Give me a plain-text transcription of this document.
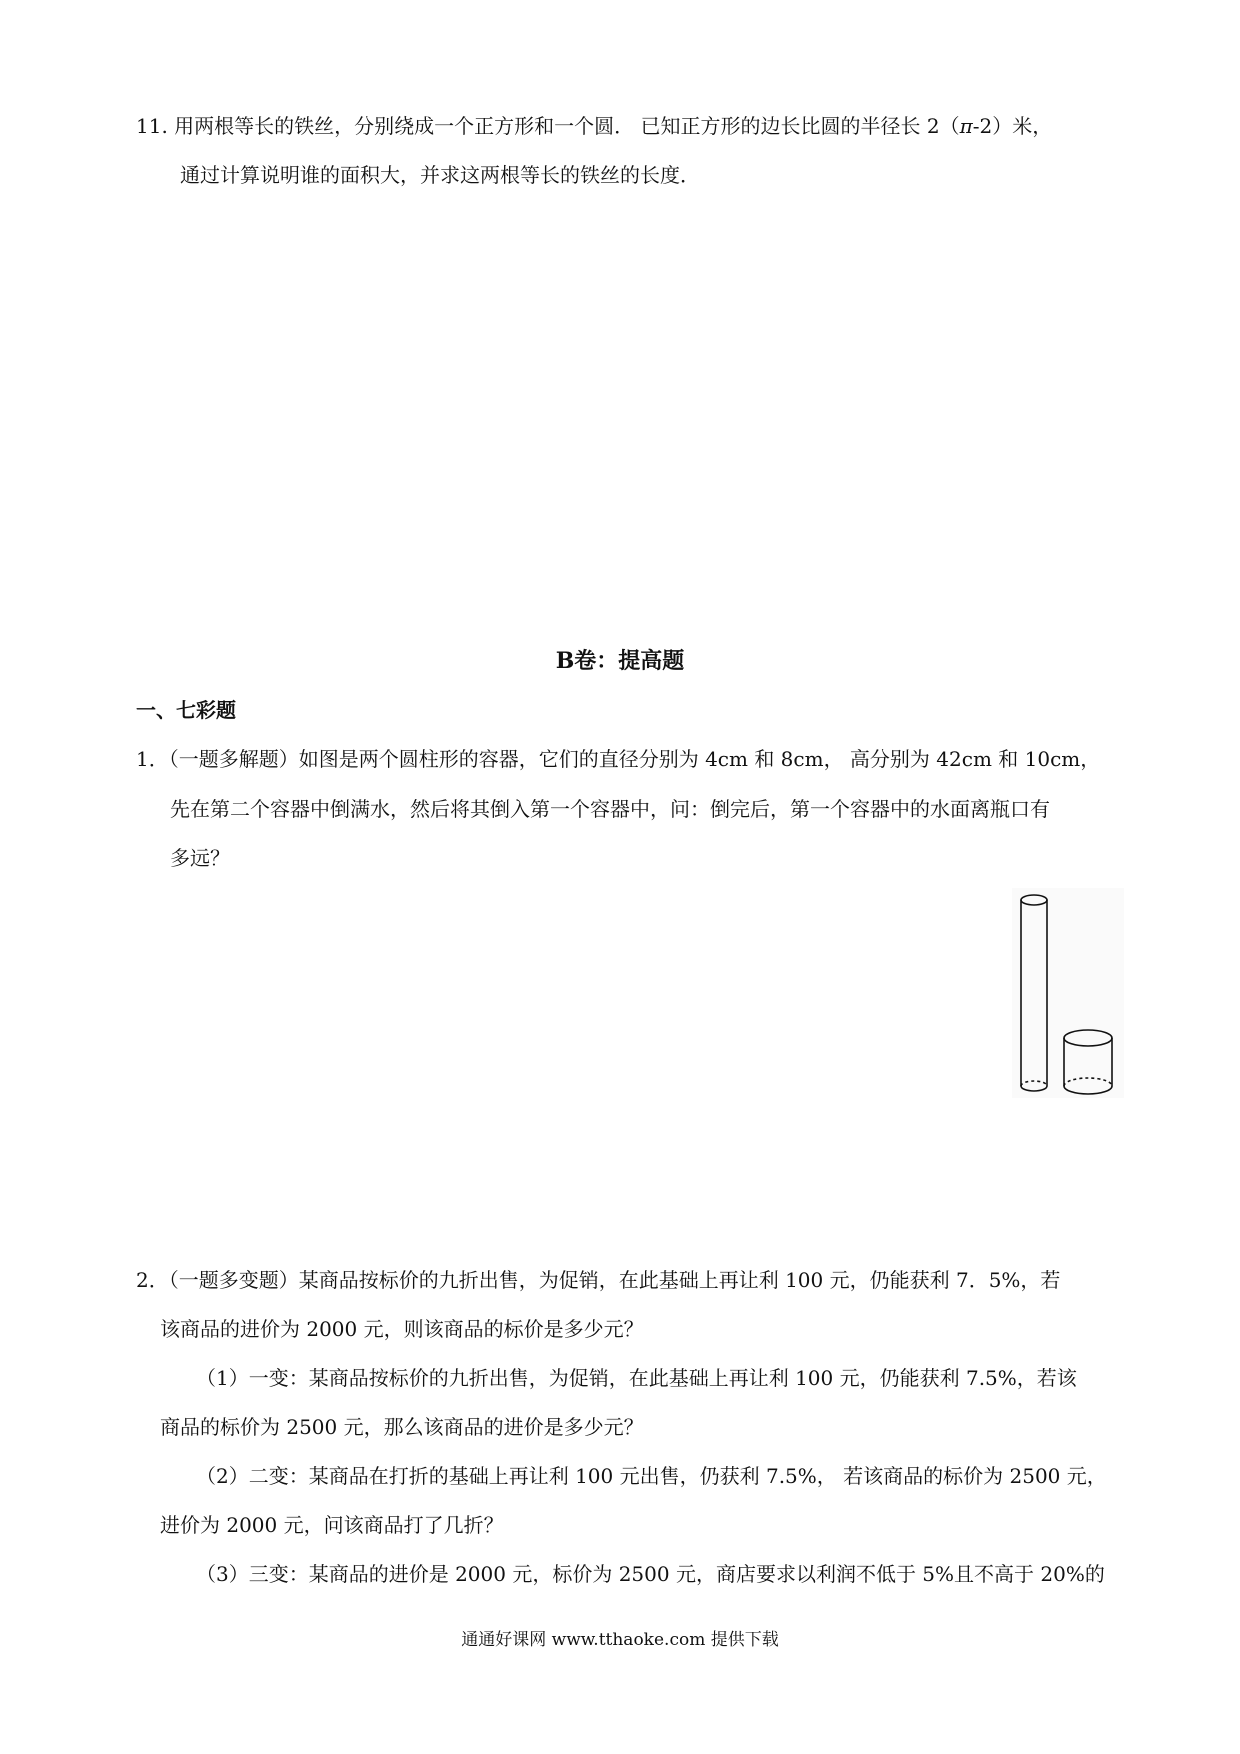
11. 用两根等长的铁丝，分别绕成一个正方形和一个圆． 已知正方形的边长比圆的半径长 2（π-2）米，
通过计算说明谁的面积大，并求这两根等长的铁丝的长度．
B卷：提高题
一、七彩题
1．（一题多解题）如图是两个圆柱形的容器，它们的直径分别为 4cm 和 8cm， 高分别为 42cm 和 10cm，
先在第二个容器中倒满水，然后将其倒入第一个容器中，问：倒完后，第一个容器中的水面离瓶口有
多远？
2．（一题多变题）某商品按标价的九折出售，为促销，在此基础上再让利 100 元，仍能获利 7．5%，若
该商品的进价为 2000 元，则该商品的标价是多少元？
（1）一变：某商品按标价的九折出售，为促销，在此基础上再让利 100 元，仍能获利 7.5%，若该
商品的标价为 2500 元，那么该商品的进价是多少元？
（2）二变：某商品在打折的基础上再让利 100 元出售，仍获利 7.5%， 若该商品的标价为 2500 元，
进价为 2000 元，问该商品打了几折？
（3）三变：某商品的进价是 2000 元，标价为 2500 元，商店要求以利润不低于 5%且不高于 20%的
通通好课网 www.tthaoke.com 提供下载
